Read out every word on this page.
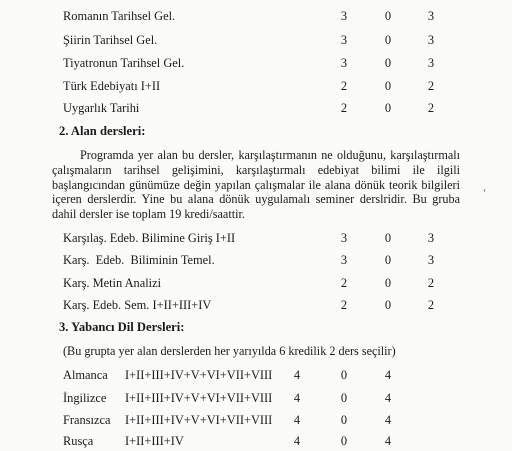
Romanın Tarihsel Gel.	3	0	3
Şiirin Tarihsel Gel.	3	0	3
Tiyatronun Tarihsel Gel.	3	0	3
Türk Edebiyatı I+II	2	0	2
Uygarlık Tarihi	2	0	2
2. Alan dersleri:
Programda yer alan bu dersler, karşılaştırmanın ne olduğunu, karşılaştırmalı
çalışmaların tarihsel gelişimini, karşılaştırmalı edebiyat bilimi ile ilgili
başlangıcından günümüze değin yapılan çalışmalar ile alana dönük teorik bilgileri
içeren derslerdir. Yine bu alana dönük uygulamalı seminer derslridir. Bu gruba
dahil dersler ise toplam 19 kredi/saattir.
‘
Karşılaş. Edeb. Bilimine Giriş I+II	3	0	3
Karş.  Edeb.  Biliminin Temel.	3	0	3
Karş. Metin Analizi	2	0	2
Karş. Edeb. Sem. I+II+III+IV	2	0	2
3. Yabancı Dil Dersleri:
(Bu grupta yer alan derslerden her yarıyılda 6 kredilik 2 ders seçilir)
Almanca I+II+III+IV+V+VI+VII+VIII	4	0	4
İngilizce I+II+III+IV+V+VI+VII+VIII	4	0	4
Fransızca I+II+III+IV+V+VI+VII+VIII	4	0	4
Rusça	I+II+III+IV	4	0	4
